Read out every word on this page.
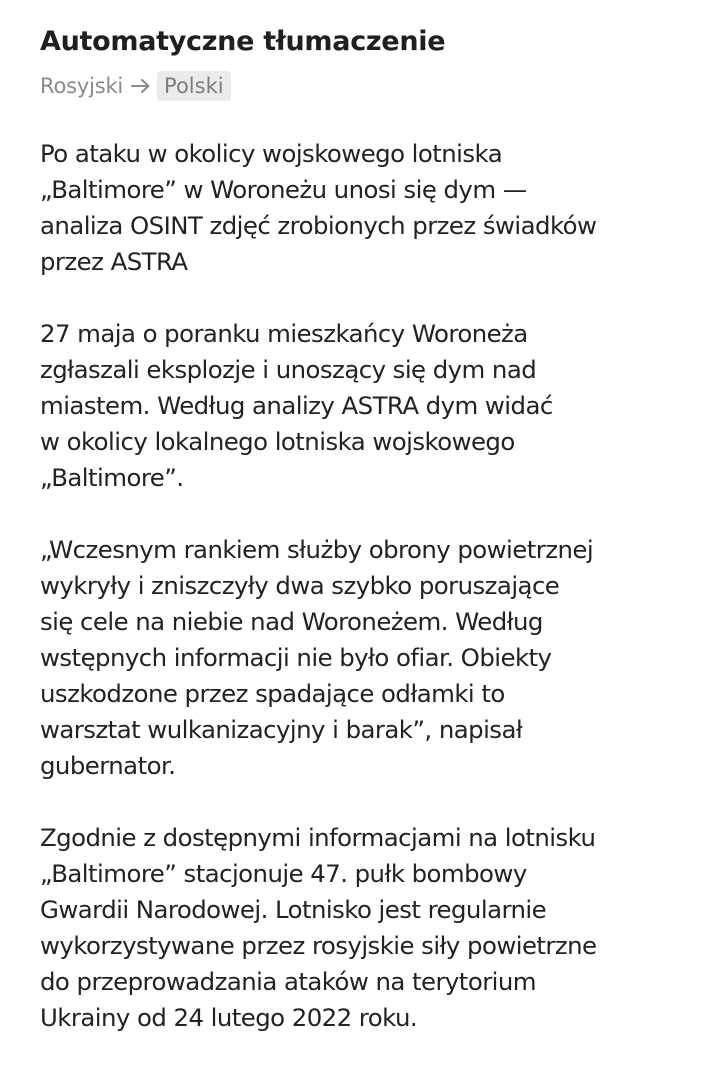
Automatyczne tłumaczenie
Rosyjski	Polski

Po ataku w okolicy wojskowego lotniska
„Baltimore” w Woroneżu unosi się dym —
analiza OSINT zdjęć zrobionych przez świadków
przez ASTRA

27 maja o poranku mieszkańcy Woroneża
zgłaszali eksplozje i unoszący się dym nad
miastem. Według analizy ASTRA dym widać
w okolicy lokalnego lotniska wojskowego
„Baltimore”.

„Wczesnym rankiem służby obrony powietrznej
wykryły i zniszczyły dwa szybko poruszające
się cele na niebie nad Woroneżem. Według
wstępnych informacji nie było ofiar. Obiekty
uszkodzone przez spadające odłamki to
warsztat wulkanizacyjny i barak”, napisał
gubernator.

Zgodnie z dostępnymi informacjami na lotnisku
„Baltimore” stacjonuje 47. pułk bombowy
Gwardii Narodowej. Lotnisko jest regularnie
wykorzystywane przez rosyjskie siły powietrzne
do przeprowadzania ataków na terytorium
Ukrainy od 24 lutego 2022 roku.
